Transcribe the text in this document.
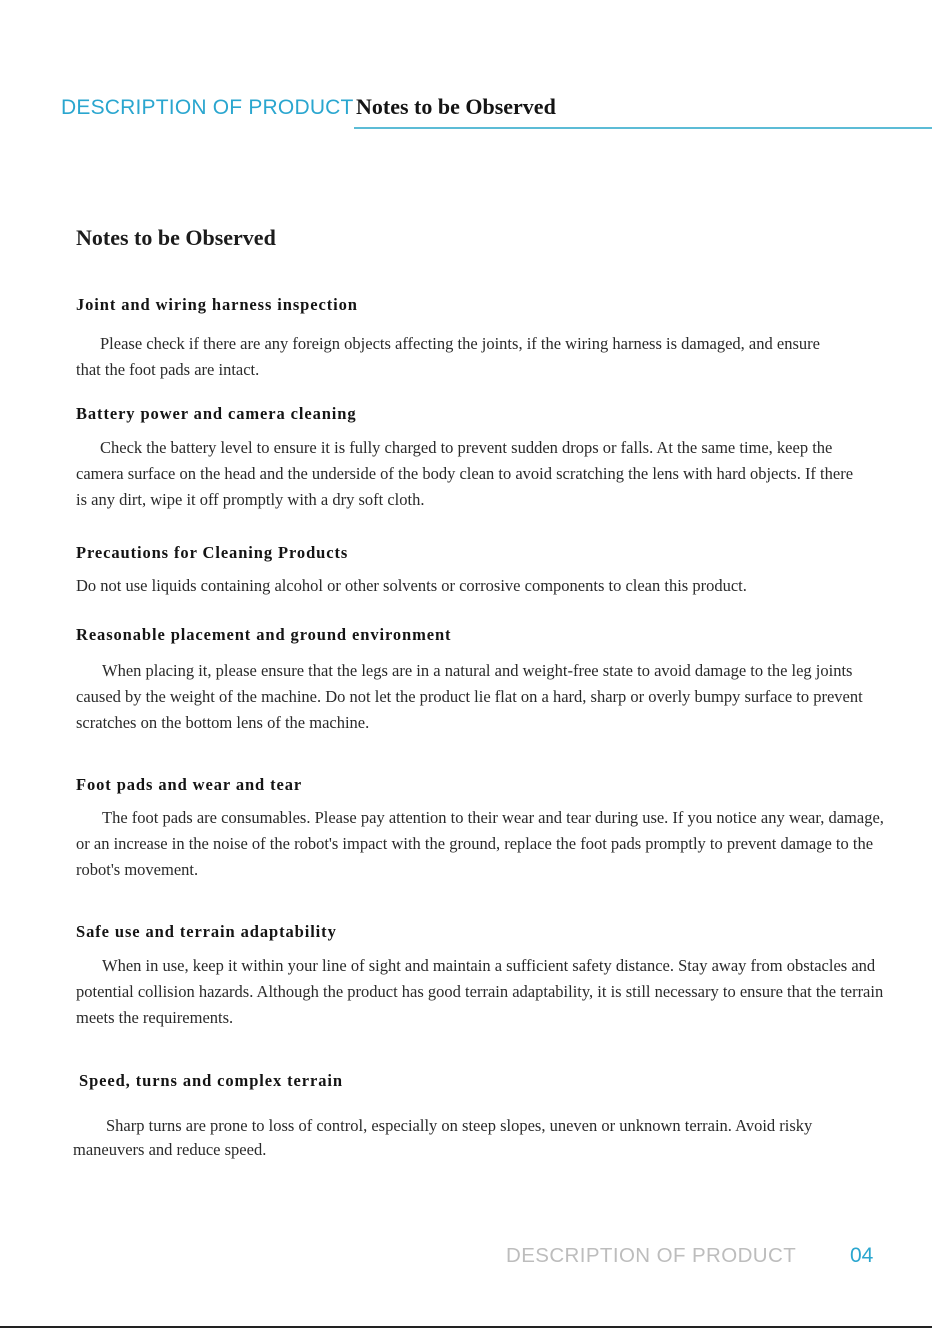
DESCRIPTION OF PRODUCT Notes to be Observed
Notes to be Observed
Joint and wiring harness inspection
Please check if there are any foreign objects affecting the joints, if the wiring harness is damaged, and ensure that the foot pads are intact.
Battery power and camera cleaning
Check the battery level to ensure it is fully charged to prevent sudden drops or falls. At the same time, keep the camera surface on the head and the underside of the body clean to avoid scratching the lens with hard objects. If there is any dirt, wipe it off promptly with a dry soft cloth.
Precautions for Cleaning Products
Do not use liquids containing alcohol or other solvents or corrosive components to clean this product.
Reasonable placement and ground environment
When placing it, please ensure that the legs are in a natural and weight-free state to avoid damage to the leg joints caused by the weight of the machine. Do not let the product lie flat on a hard, sharp or overly bumpy surface to prevent scratches on the bottom lens of the machine.
Foot pads and wear and tear
The foot pads are consumables. Please pay attention to their wear and tear during use. If you notice any wear, damage, or an increase in the noise of the robot's impact with the ground, replace the foot pads promptly to prevent damage to the robot's movement.
Safe use and terrain adaptability
When in use, keep it within your line of sight and maintain a sufficient safety distance. Stay away from obstacles and potential collision hazards. Although the product has good terrain adaptability, it is still necessary to ensure that the terrain meets the requirements.
Speed, turns and complex terrain
Sharp turns are prone to loss of control, especially on steep slopes, uneven or unknown terrain. Avoid risky maneuvers and reduce speed.
DESCRIPTION OF PRODUCT	04
